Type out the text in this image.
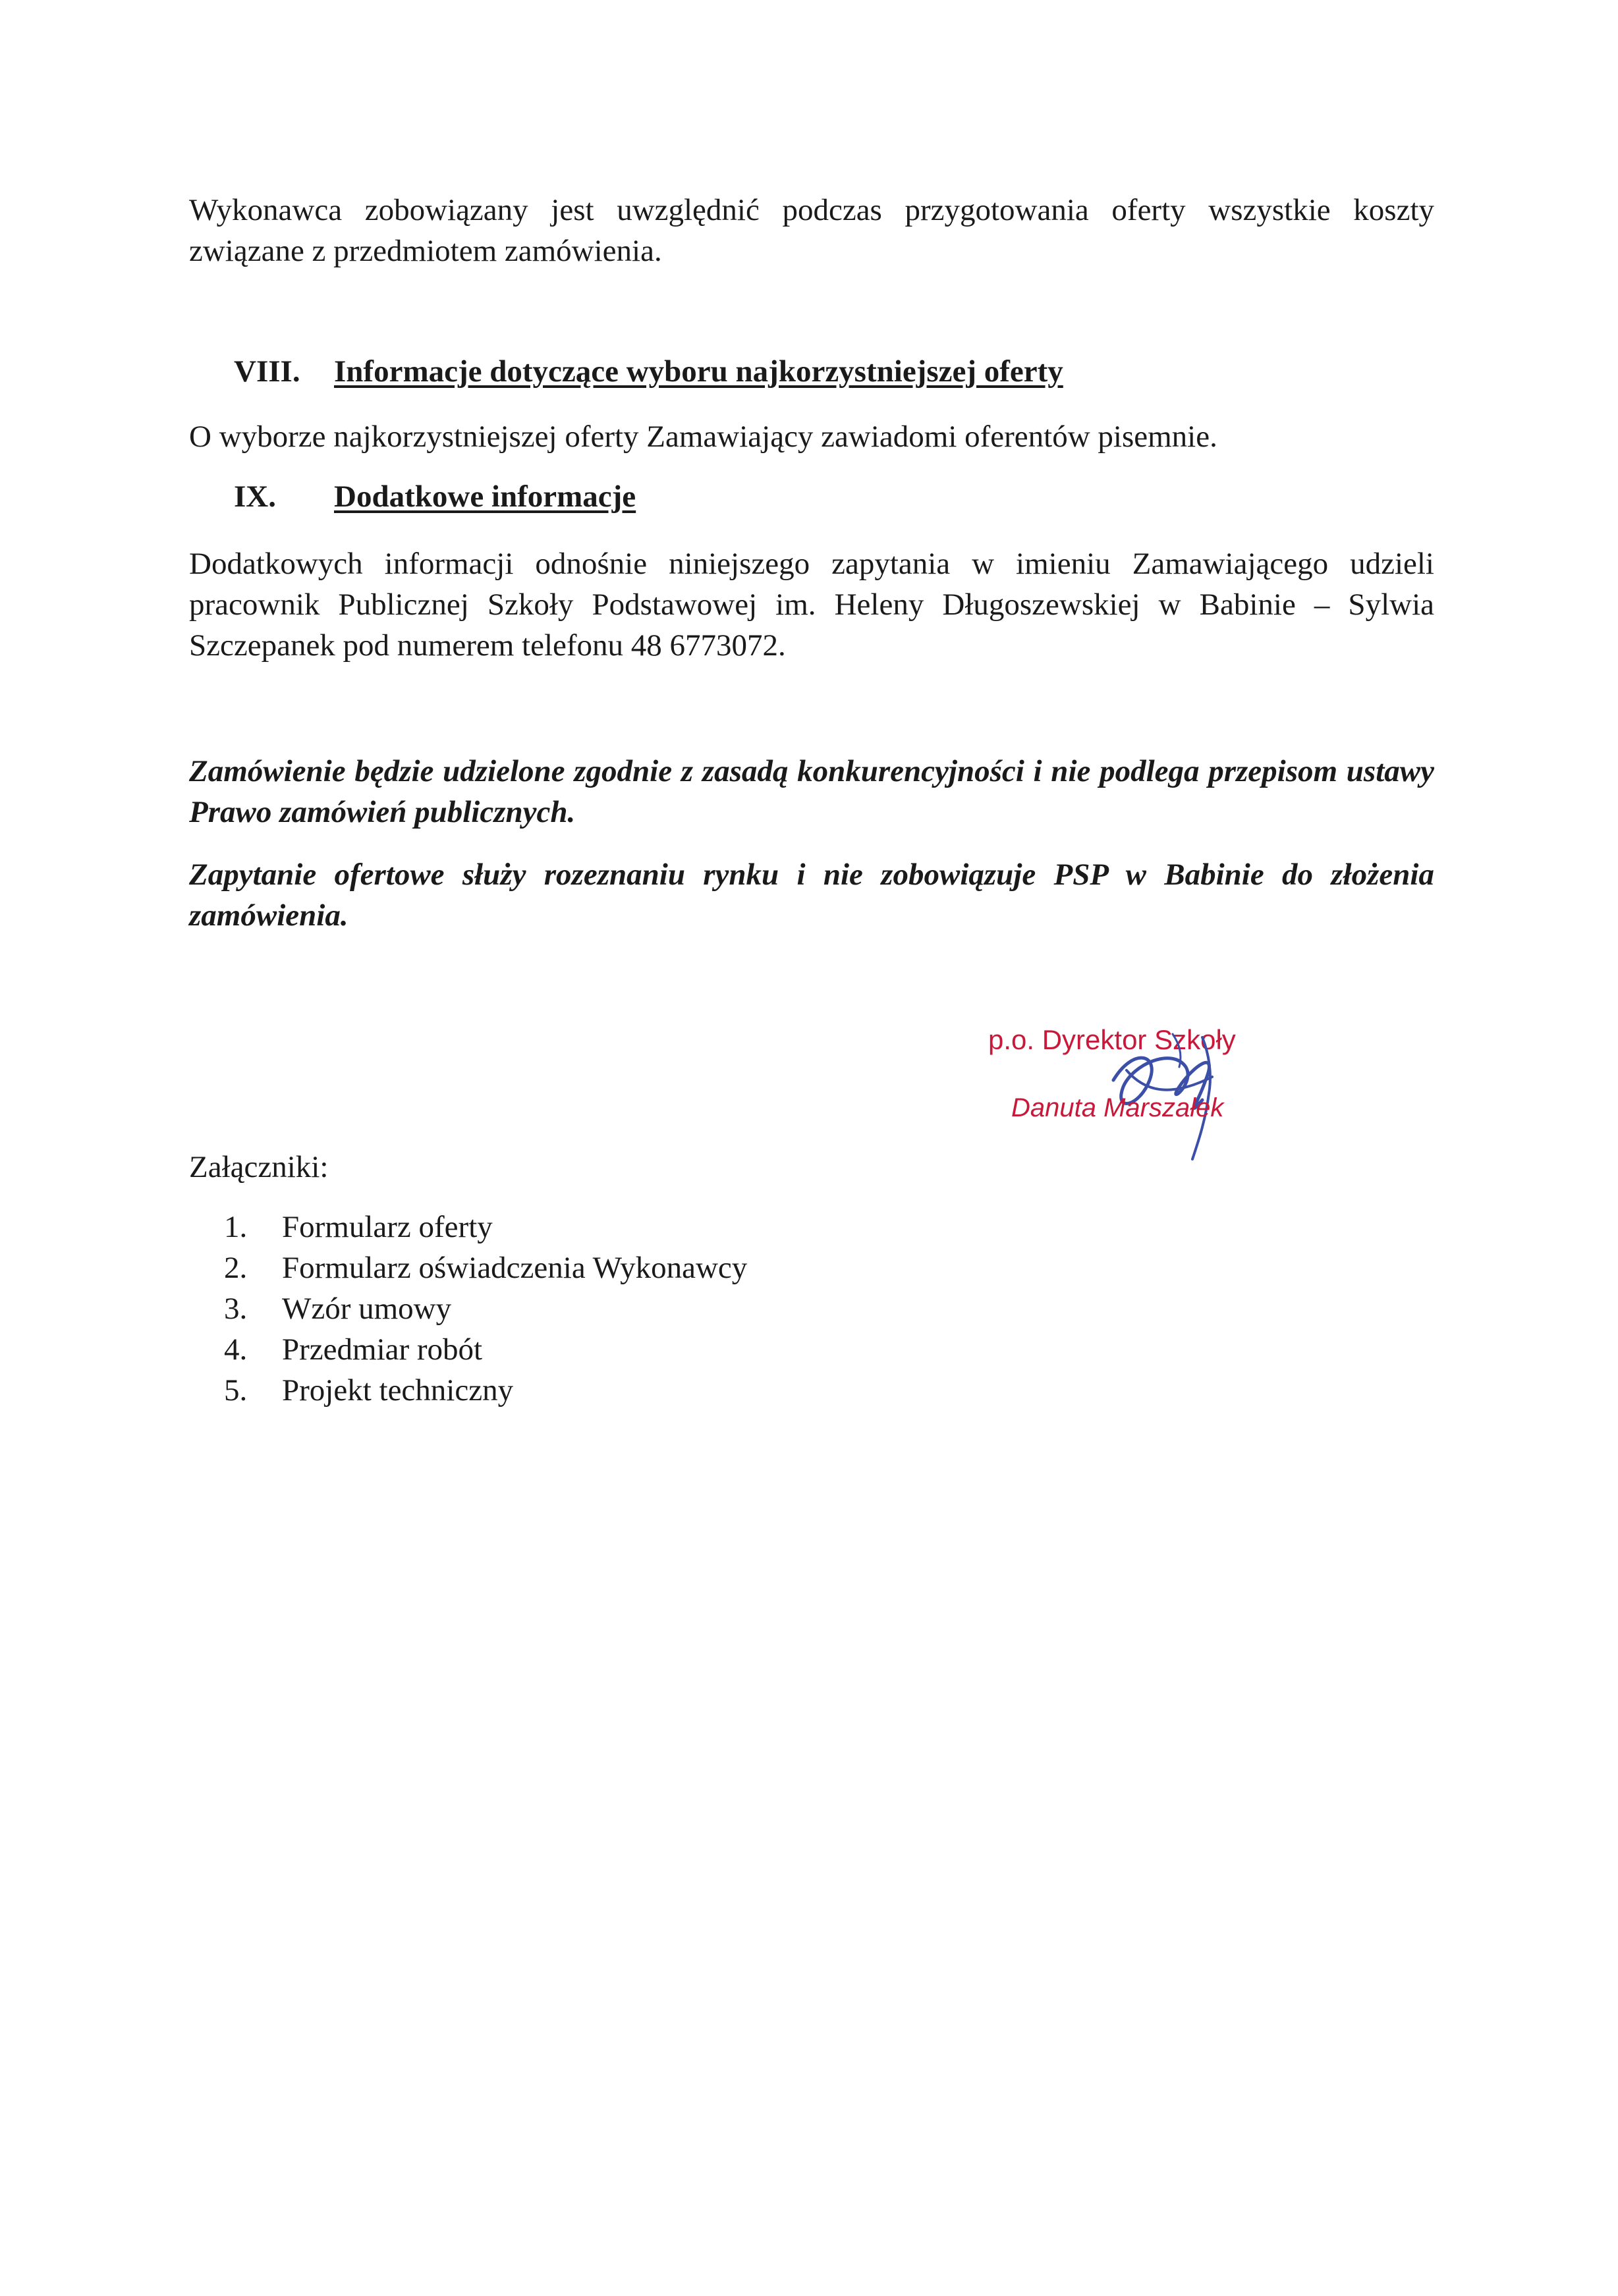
Wykonawca zobowiązany jest uwzględnić podczas przygotowania oferty wszystkie koszty związane z przedmiotem zamówienia.

VIII. Informacje dotyczące wyboru najkorzystniejszej oferty

O wyborze najkorzystniejszej oferty Zamawiający zawiadomi oferentów pisemnie.

IX. Dodatkowe informacje

Dodatkowych informacji odnośnie niniejszego zapytania w imieniu Zamawiającego udzieli pracownik Publicznej Szkoły Podstawowej im. Heleny Długoszewskiej w Babinie – Sylwia Szczepanek pod numerem telefonu 48 6773072.

Zamówienie będzie udzielone zgodnie z zasadą konkurencyjności i nie podlega przepisom ustawy Prawo zamówień publicznych.

Zapytanie ofertowe służy rozeznaniu rynku i nie zobowiązuje PSP w Babinie do złożenia zamówienia.

p.o. Dyrektor Szkoły
Danuta Marszałek

Załączniki:

1. Formularz oferty
2. Formularz oświadczenia Wykonawcy
3. Wzór umowy
4. Przedmiar robót
5. Projekt techniczny
